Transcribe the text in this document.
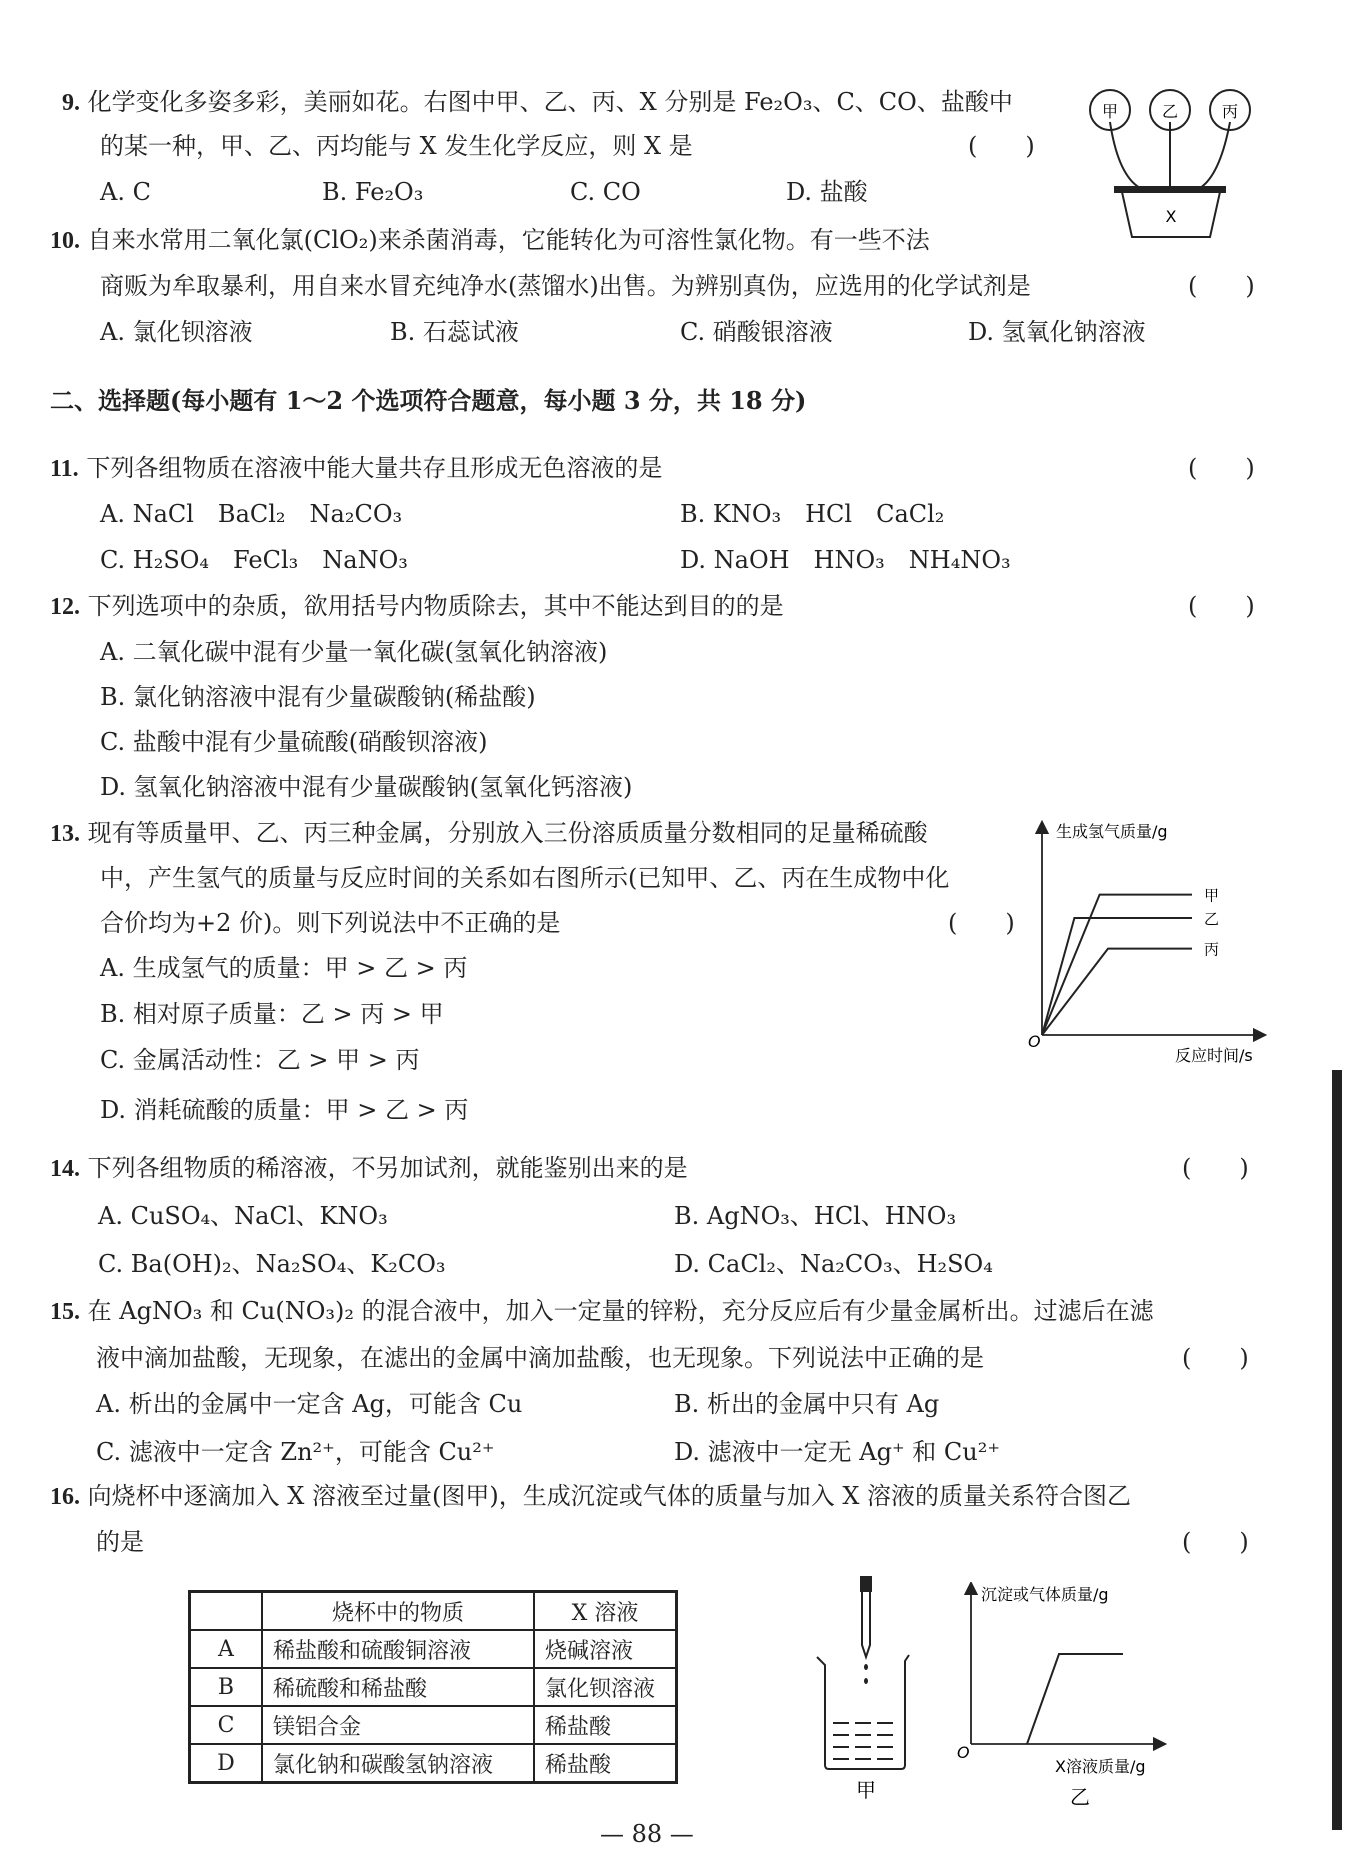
9. 化学变化多姿多彩，美丽如花。右图中甲、乙、丙、X 分别是 Fe₂O₃、C、CO、盐酸中
的某一种，甲、乙、丙均能与 X 发生化学反应，则 X 是	(　　)
A. C	B. Fe₂O₃	C. CO	D. 盐酸
甲	乙	丙
X
10. 自来水常用二氧化氯(ClO₂)来杀菌消毒，它能转化为可溶性氯化物。有一些不法
商贩为牟取暴利，用自来水冒充纯净水(蒸馏水)出售。为辨别真伪，应选用的化学试剂是	(　　)
A. 氯化钡溶液	B. 石蕊试液	C. 硝酸银溶液	D. 氢氧化钠溶液
二、选择题(每小题有 1～2 个选项符合题意，每小题 3 分，共 18 分)
11. 下列各组物质在溶液中能大量共存且形成无色溶液的是	(　　)
A. NaCl　BaCl₂　Na₂CO₃	B. KNO₃　HCl　CaCl₂
C. H₂SO₄　FeCl₃　NaNO₃	D. NaOH　HNO₃　NH₄NO₃
12. 下列选项中的杂质，欲用括号内物质除去，其中不能达到目的的是	(　　)
A. 二氧化碳中混有少量一氧化碳(氢氧化钠溶液)
B. 氯化钠溶液中混有少量碳酸钠(稀盐酸)
C. 盐酸中混有少量硫酸(硝酸钡溶液)
D. 氢氧化钠溶液中混有少量碳酸钠(氢氧化钙溶液)
13. 现有等质量甲、乙、丙三种金属，分别放入三份溶质质量分数相同的足量稀硫酸
中，产生氢气的质量与反应时间的关系如右图所示(已知甲、乙、丙在生成物中化
合价均为+2 价)。则下列说法中不正确的是	(　　)
A. 生成氢气的质量：甲 > 乙 > 丙
B. 相对原子质量：乙 > 丙 > 甲
C. 金属活动性：乙 > 甲 > 丙
D. 消耗硫酸的质量：甲 > 乙 > 丙
生成氢气质量/g
反应时间/s
O
甲
乙
丙
14. 下列各组物质的稀溶液，不另加试剂，就能鉴别出来的是	(　　)
A. CuSO₄、NaCl、KNO₃	B. AgNO₃、HCl、HNO₃
C. Ba(OH)₂、Na₂SO₄、K₂CO₃	D. CaCl₂、Na₂CO₃、H₂SO₄
15. 在 AgNO₃ 和 Cu(NO₃)₂ 的混合液中，加入一定量的锌粉，充分反应后有少量金属析出。过滤后在滤
液中滴加盐酸，无现象，在滤出的金属中滴加盐酸，也无现象。下列说法中正确的是	(　　)
A. 析出的金属中一定含 Ag，可能含 Cu	B. 析出的金属中只有 Ag
C. 滤液中一定含 Zn²⁺，可能含 Cu²⁺	D. 滤液中一定无 Ag⁺ 和 Cu²⁺
16. 向烧杯中逐滴加入 X 溶液至过量(图甲)，生成沉淀或气体的质量与加入 X 溶液的质量关系符合图乙
的是	(　　)
	烧杯中的物质	X 溶液
A	稀盐酸和硫酸铜溶液	烧碱溶液
B	稀硫酸和稀盐酸	氯化钡溶液
C	镁铝合金	稀盐酸
D	氯化钠和碳酸氢钠溶液	稀盐酸
甲
沉淀或气体质量/g
X溶液质量/g
O
乙
— 88 —
